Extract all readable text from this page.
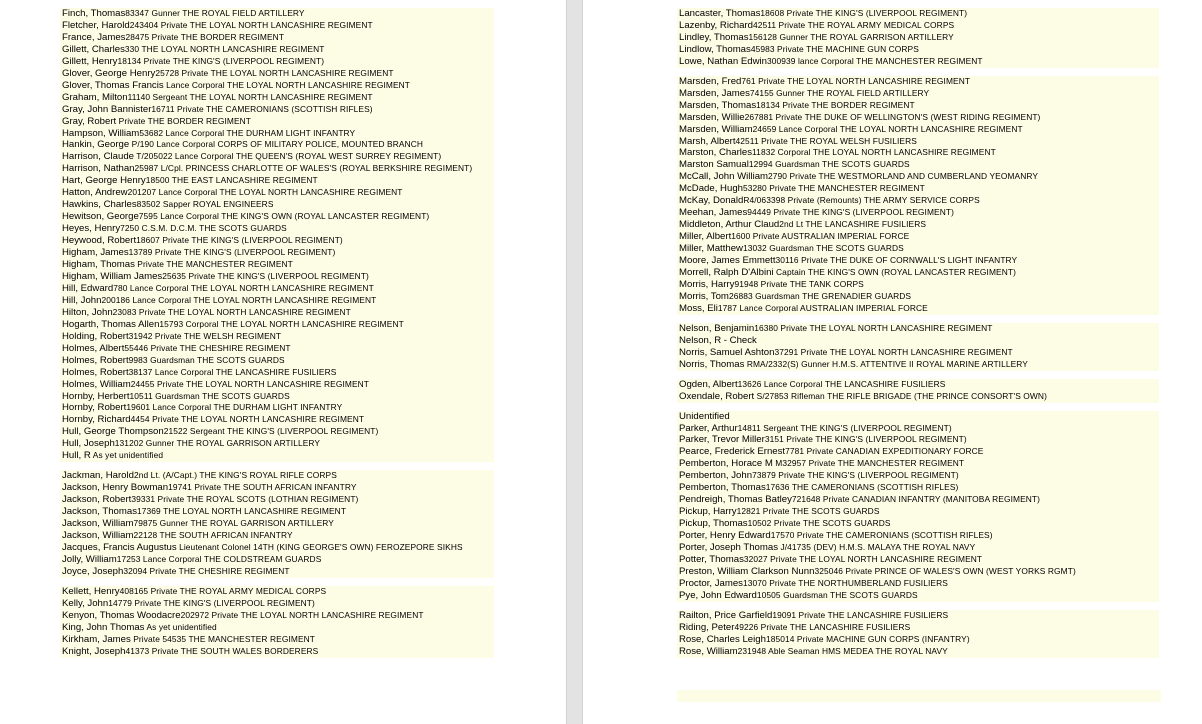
Finch, Thomas83347 Gunner THE ROYAL FIELD ARTILLERY
Fletcher, Harold243404 Private THE LOYAL NORTH LANCASHIRE REGIMENT
France, James28475 Private THE BORDER REGIMENT
Gillett, Charles330 THE LOYAL NORTH LANCASHIRE REGIMENT
Gillett, Henry18134 Private THE KING'S (LIVERPOOL REGIMENT)
Glover, George Henry25728 Private THE LOYAL NORTH LANCASHIRE REGIMENT
Glover, Thomas Francis Lance Corporal THE LOYAL NORTH LANCASHIRE REGIMENT
Graham, Milton11140 Sergeant THE LOYAL NORTH LANCASHIRE REGIMENT
Gray, John Bannister16711 Private THE CAMERONIANS (SCOTTISH RIFLES)
Gray, Robert Private THE BORDER REGIMENT
Hampson, William53682 Lance Corporal THE DURHAM LIGHT INFANTRY
Hankin, George P/190 Lance Corporal CORPS OF MILITARY POLICE, MOUNTED BRANCH
Harrison, Claude T/205022 Lance Corporal THE QUEEN'S (ROYAL WEST SURREY REGIMENT)
Harrison, Nathan25987 L/Cpl. PRINCESS CHARLOTTE OF WALES'S (ROYAL BERKSHIRE REGIMENT)
Hart, George Henry18500 THE EAST LANCASHIRE REGIMENT
Hatton, Andrew201207 Lance Corporal THE LOYAL NORTH LANCASHIRE REGIMENT
Hawkins, Charles83502 Sapper ROYAL ENGINEERS
Hewitson, George7595 Lance Corporal THE KING'S OWN (ROYAL LANCASTER REGIMENT)
Heyes, Henry7250 C.S.M. D.C.M. THE SCOTS GUARDS
Heywood, Robert18607 Private THE KING'S (LIVERPOOL REGIMENT)
Higham, James13789 Private THE KING'S (LIVERPOOL REGIMENT)
Higham, Thomas Private THE MANCHESTER REGIMENT
Higham, William James25635 Private THE KING'S (LIVERPOOL REGIMENT)
Hill, Edward780 Lance Corporal THE LOYAL NORTH LANCASHIRE REGIMENT
Hill, John200186 Lance Corporal THE LOYAL NORTH LANCASHIRE REGIMENT
Hilton, John23083 Private THE LOYAL NORTH LANCASHIRE REGIMENT
Hogarth, Thomas Allen15793 Corporal THE LOYAL NORTH LANCASHIRE REGIMENT
Holding, Robert31942 Private THE WELSH REGIMENT
Holmes, Albert55446 Private THE CHESHIRE REGIMENT
Holmes, Robert9983 Guardsman THE SCOTS GUARDS
Holmes, Robert38137 Lance Corporal THE LANCASHIRE FUSILIERS
Holmes, William24455 Private THE LOYAL NORTH LANCASHIRE REGIMENT
Hornby, Herbert10511 Guardsman THE SCOTS GUARDS
Hornby, Robert19601 Lance Corporal THE DURHAM LIGHT INFANTRY
Hornby, Richard4454 Private THE LOYAL NORTH LANCASHIRE REGIMENT
Hull, George Thompson21522 Sergeant THE KING'S (LIVERPOOL REGIMENT)
Hull, Joseph131202 Gunner THE ROYAL GARRISON ARTILLERY
Hull, R As yet unidentified
Jackman, Harold2nd Lt. (A/Capt.) THE KING'S ROYAL RIFLE CORPS
Jackson, Henry Bowman19741 Private THE SOUTH AFRICAN INFANTRY
Jackson, Robert39331 Private THE ROYAL SCOTS (LOTHIAN REGIMENT)
Jackson, Thomas17369 THE LOYAL NORTH LANCASHIRE REGIMENT
Jackson, William79875 Gunner THE ROYAL GARRISON ARTILLERY
Jackson, William22128 THE SOUTH AFRICAN INFANTRY
Jacques, Francis Augustus Lieutenant Colonel 14TH (KING GEORGE'S OWN) FEROZEPORE SIKHS
Jolly, William17253 Lance Corporal THE COLDSTREAM GUARDS
Joyce, Joseph32094 Private THE CHESHIRE REGIMENT
Kellett, Henry408165 Private THE ROYAL ARMY MEDICAL CORPS
Kelly, John14779 Private THE KING'S (LIVERPOOL REGIMENT)
Kenyon, Thomas Woodacre202972 Private THE LOYAL NORTH LANCASHIRE REGIMENT
King, John Thomas As yet unidentified
Kirkham, James Private 54535 THE MANCHESTER REGIMENT
Knight, Joseph41373 Private THE SOUTH WALES BORDERERS
Lancaster, Thomas18608 Private THE KING'S (LIVERPOOL REGIMENT)
Lazenby, Richard42511 Private THE ROYAL ARMY MEDICAL CORPS
Lindley, Thomas156128 Gunner THE ROYAL GARRISON ARTILLERY
Lindlow, Thomas45983 Private THE MACHINE GUN CORPS
Lowe, Nathan Edwin300939 lance Corporal THE MANCHESTER REGIMENT
Marsden, Fred761 Private THE LOYAL NORTH LANCASHIRE REGIMENT
Marsden, James74155 Gunner THE ROYAL FIELD ARTILLERY
Marsden, Thomas18134 Private THE BORDER REGIMENT
Marsden, Willie267881 Private THE DUKE OF WELLINGTON'S (WEST RIDING REGIMENT)
Marsden, William24659 Lance Corporal THE LOYAL NORTH LANCASHIRE REGIMENT
Marsh, Albert42511 Private THE ROYAL WELSH FUSILIERS
Marston, Charles11832 Corporal THE LOYAL NORTH LANCASHIRE REGIMENT
Marston Samual12994 Guardsman THE SCOTS GUARDS
McCall, John William2790 Private THE WESTMORLAND AND CUMBERLAND YEOMANRY
McDade, Hugh53280 Private THE MANCHESTER REGIMENT
McKay, DonaldR4/063398 Private (Remounts) THE ARMY SERVICE CORPS
Meehan, James94449 Private THE KING'S (LIVERPOOL REGIMENT)
Middleton, Arthur Claud2nd Lt THE LANCASHIRE FUSILIERS
Miller, Albert1600 Private AUSTRALIAN IMPERIAL FORCE
Miller, Matthew13032 Guardsman THE SCOTS GUARDS
Moore, James Emmett30116 Private THE DUKE OF CORNWALL'S LIGHT INFANTRY
Morrell, Ralph D'Albini Captain THE KING'S OWN (ROYAL LANCASTER REGIMENT)
Morris, Harry91948 Private THE TANK CORPS
Morris, Tom26883 Guardsman THE GRENADIER GUARDS
Moss, Eli1787 Lance Corporal AUSTRALIAN IMPERIAL FORCE
Nelson, Benjamin16380 Private THE LOYAL NORTH LANCASHIRE REGIMENT
Nelson, R - Check
Norris, Samuel Ashton37291 Private THE LOYAL NORTH LANCASHIRE REGIMENT
Norris, Thomas RMA/2332(S) Gunner H.M.S. ATTENTIVE II ROYAL MARINE ARTILLERY
Ogden, Albert13626 Lance Corporal THE LANCASHIRE FUSILIERS
Oxendale, Robert S/27853 Rifleman THE RIFLE BRIGADE (THE PRINCE CONSORT'S OWN)
Unidentified
Parker, Arthur14811 Sergeant THE KING'S (LIVERPOOL REGIMENT)
Parker, Trevor Miller3151 Private THE KING'S (LIVERPOOL REGIMENT)
Pearce, Frederick Ernest7781 Private CANADIAN EXPEDITIONARY FORCE
Pemberton, Horace M M32957 Private THE MANCHESTER REGIMENT
Pemberton, John73879 Private THE KING'S (LIVERPOOL REGIMENT)
Pemberton, Thomas17636 THE CAMERONIANS (SCOTTISH RIFLES)
Pendreigh, Thomas Batley721648 Private CANADIAN INFANTRY (MANITOBA REGIMENT)
Pickup, Harry12821 Private THE SCOTS GUARDS
Pickup, Thomas10502 Private THE SCOTS GUARDS
Porter, Henry Edward17570 Private THE CAMERONIANS (SCOTTISH RIFLES)
Porter, Joseph Thomas J/41735 (DEV) H.M.S. MALAYA THE ROYAL NAVY
Potter, Thomas32027 Private THE LOYAL NORTH LANCASHIRE REGIMENT
Preston, William Clarkson Nunn325046 Private PRINCE OF WALES'S OWN (WEST YORKS RGMT)
Proctor, James13070 Private THE NORTHUMBERLAND FUSILIERS
Pye, John Edward10505 Guardsman THE SCOTS GUARDS
Railton, Price Garfield19091 Private THE LANCASHIRE FUSILIERS
Riding, Peter49226 Private THE LANCASHIRE FUSILIERS
Rose, Charles Leigh185014 Private MACHINE GUN CORPS (INFANTRY)
Rose, William231948 Able Seaman HMS MEDEA THE ROYAL NAVY
